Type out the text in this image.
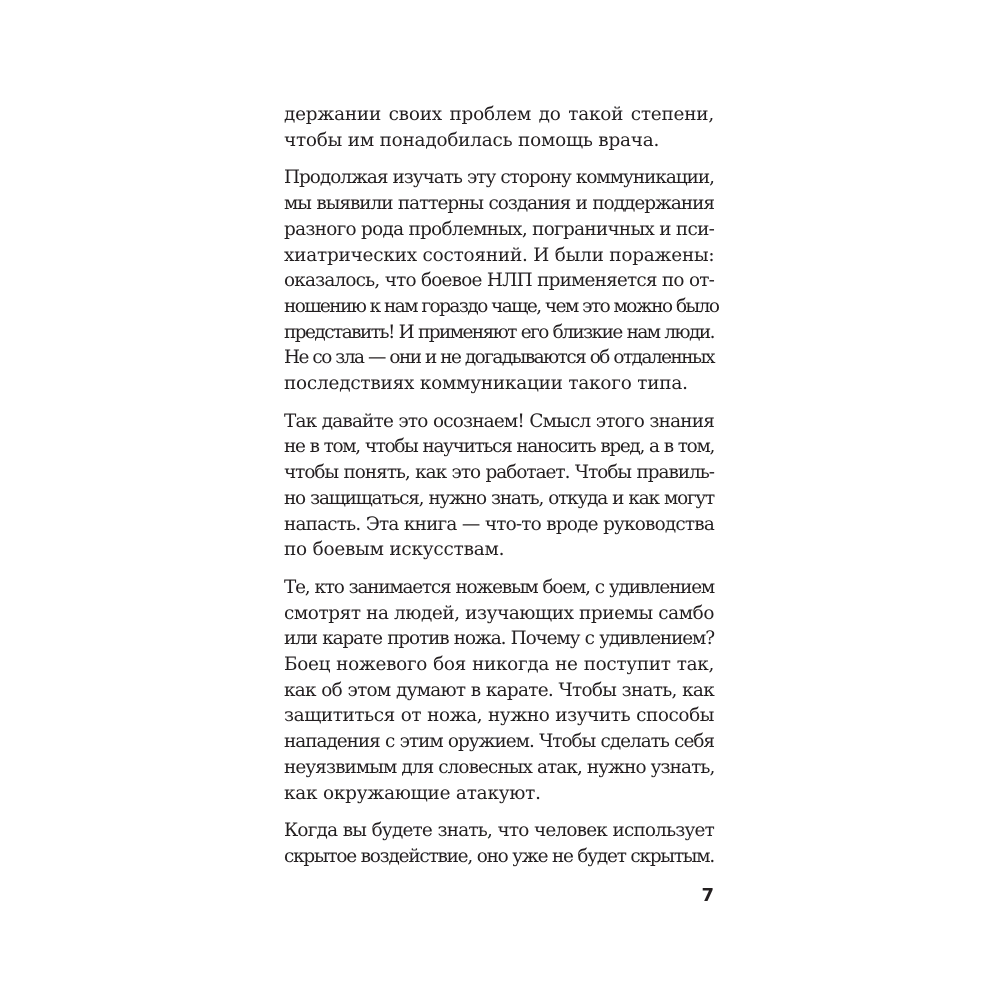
держании своих проблем до такой степени,
чтобы им понадобилась помощь врача.

Продолжая изучать эту сторону коммуникации,
мы выявили паттерны создания и поддержания
разного рода проблемных, пограничных и пси-
хиатрических состояний. И были поражены:
оказалось, что боевое НЛП применяется по от-
ношению к нам гораздо чаще, чем это можно было
представить! И применяют его близкие нам люди.
Не со зла — они и не догадываются об отдаленных
последствиях коммуникации такого типа.

Так давайте это осознаем! Смысл этого знания
не в том, чтобы научиться наносить вред, а в том,
чтобы понять, как это работает. Чтобы правиль-
но защищаться, нужно знать, откуда и как могут
напасть. Эта книга — что-то вроде руководства
по боевым искусствам.

Те, кто занимается ножевым боем, с удивлением
смотрят на людей, изучающих приемы самбо
или карате против ножа. Почему с удивлением?
Боец ножевого боя никогда не поступит так,
как об этом думают в карате. Чтобы знать, как
защититься от ножа, нужно изучить способы
нападения с этим оружием. Чтобы сделать себя
неуязвимым для словесных атак, нужно узнать,
как окружающие атакуют.

Когда вы будете знать, что человек использует
скрытое воздействие, оно уже не будет скрытым.

7
